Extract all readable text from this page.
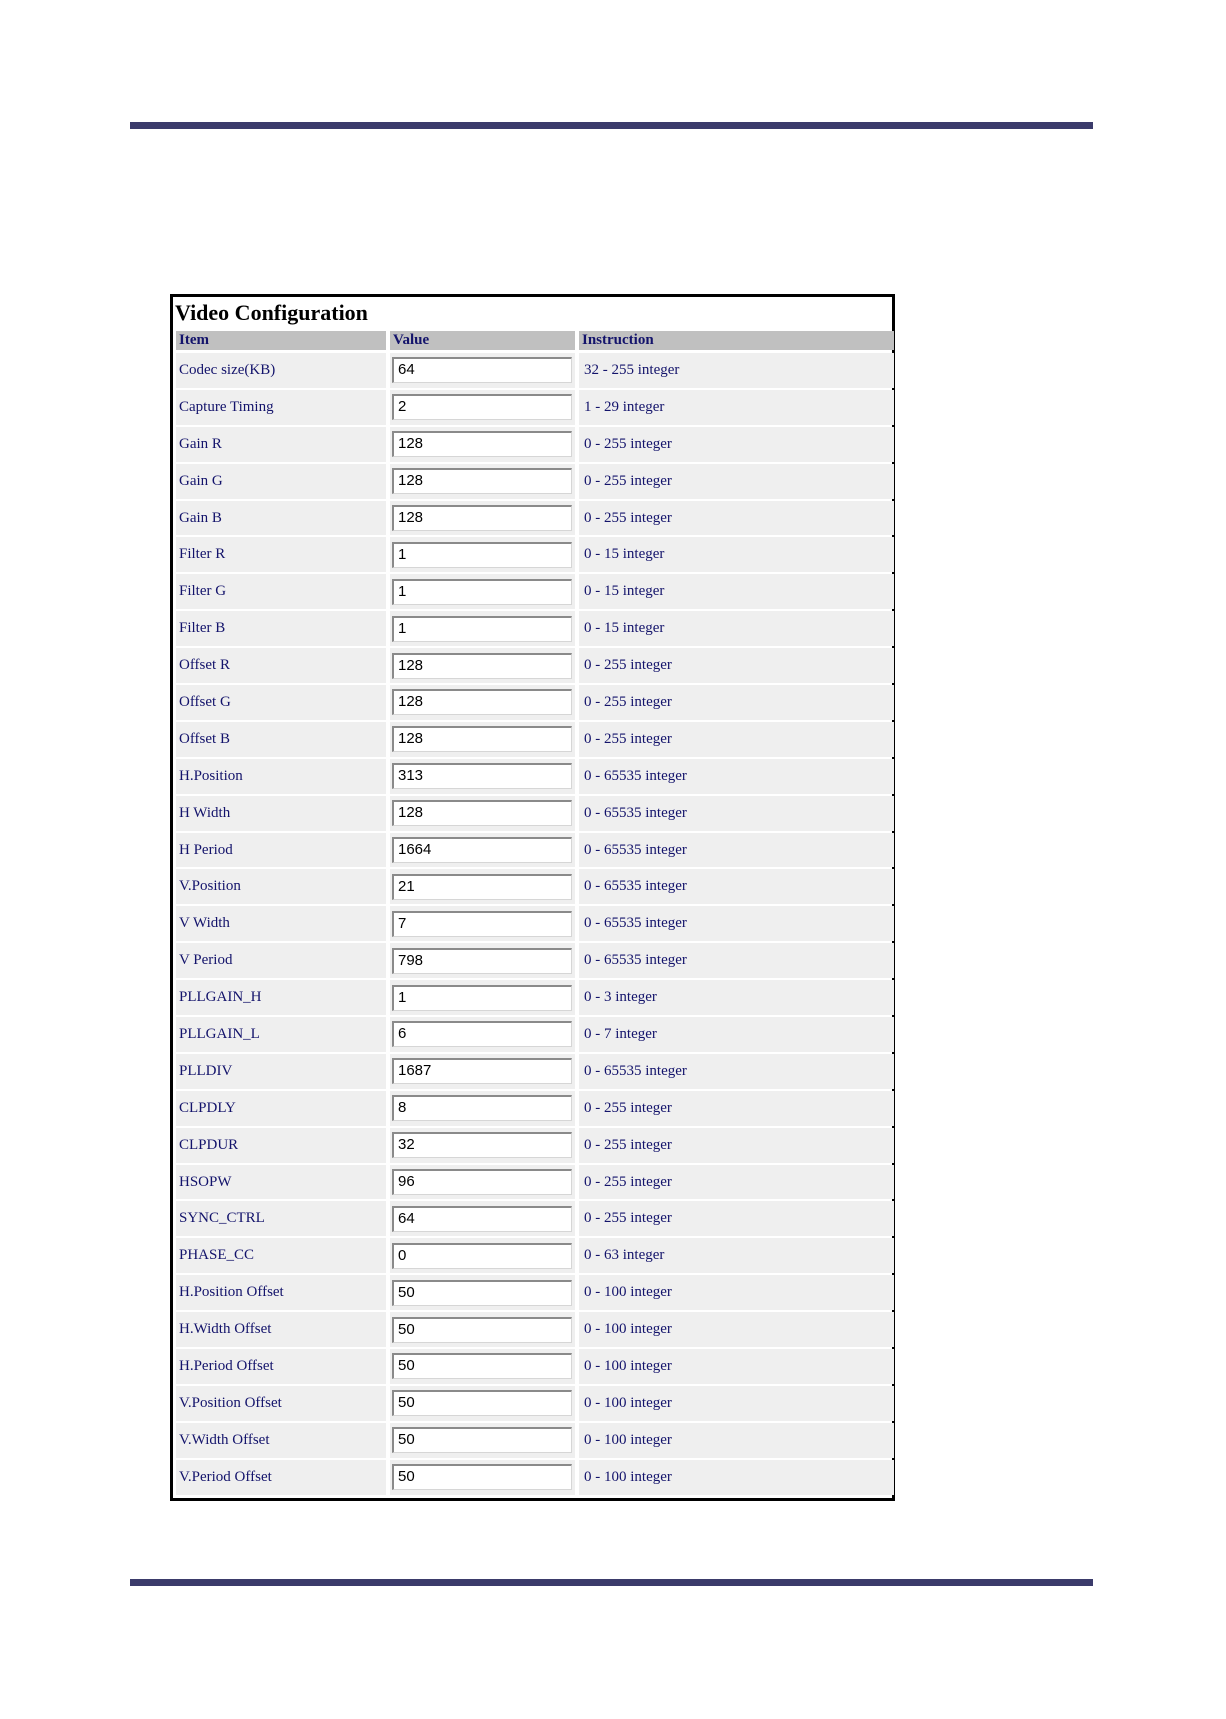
Video Configuration
Item	Value	Instruction
Codec size(KB)	64	32 - 255 integer
Capture Timing	2	1 - 29 integer
Gain R	128	0 - 255 integer
Gain G	128	0 - 255 integer
Gain B	128	0 - 255 integer
Filter R	1	0 - 15 integer
Filter G	1	0 - 15 integer
Filter B	1	0 - 15 integer
Offset R	128	0 - 255 integer
Offset G	128	0 - 255 integer
Offset B	128	0 - 255 integer
H.Position	313	0 - 65535 integer
H Width	128	0 - 65535 integer
H Period	1664	0 - 65535 integer
V.Position	21	0 - 65535 integer
V Width	7	0 - 65535 integer
V Period	798	0 - 65535 integer
PLLGAIN_H	1	0 - 3 integer
PLLGAIN_L	6	0 - 7 integer
PLLDIV	1687	0 - 65535 integer
CLPDLY	8	0 - 255 integer
CLPDUR	32	0 - 255 integer
HSOPW	96	0 - 255 integer
SYNC_CTRL	64	0 - 255 integer
PHASE_CC	0	0 - 63 integer
H.Position Offset	50	0 - 100 integer
H.Width Offset	50	0 - 100 integer
H.Period Offset	50	0 - 100 integer
V.Position Offset	50	0 - 100 integer
V.Width Offset	50	0 - 100 integer
V.Period Offset	50	0 - 100 integer
